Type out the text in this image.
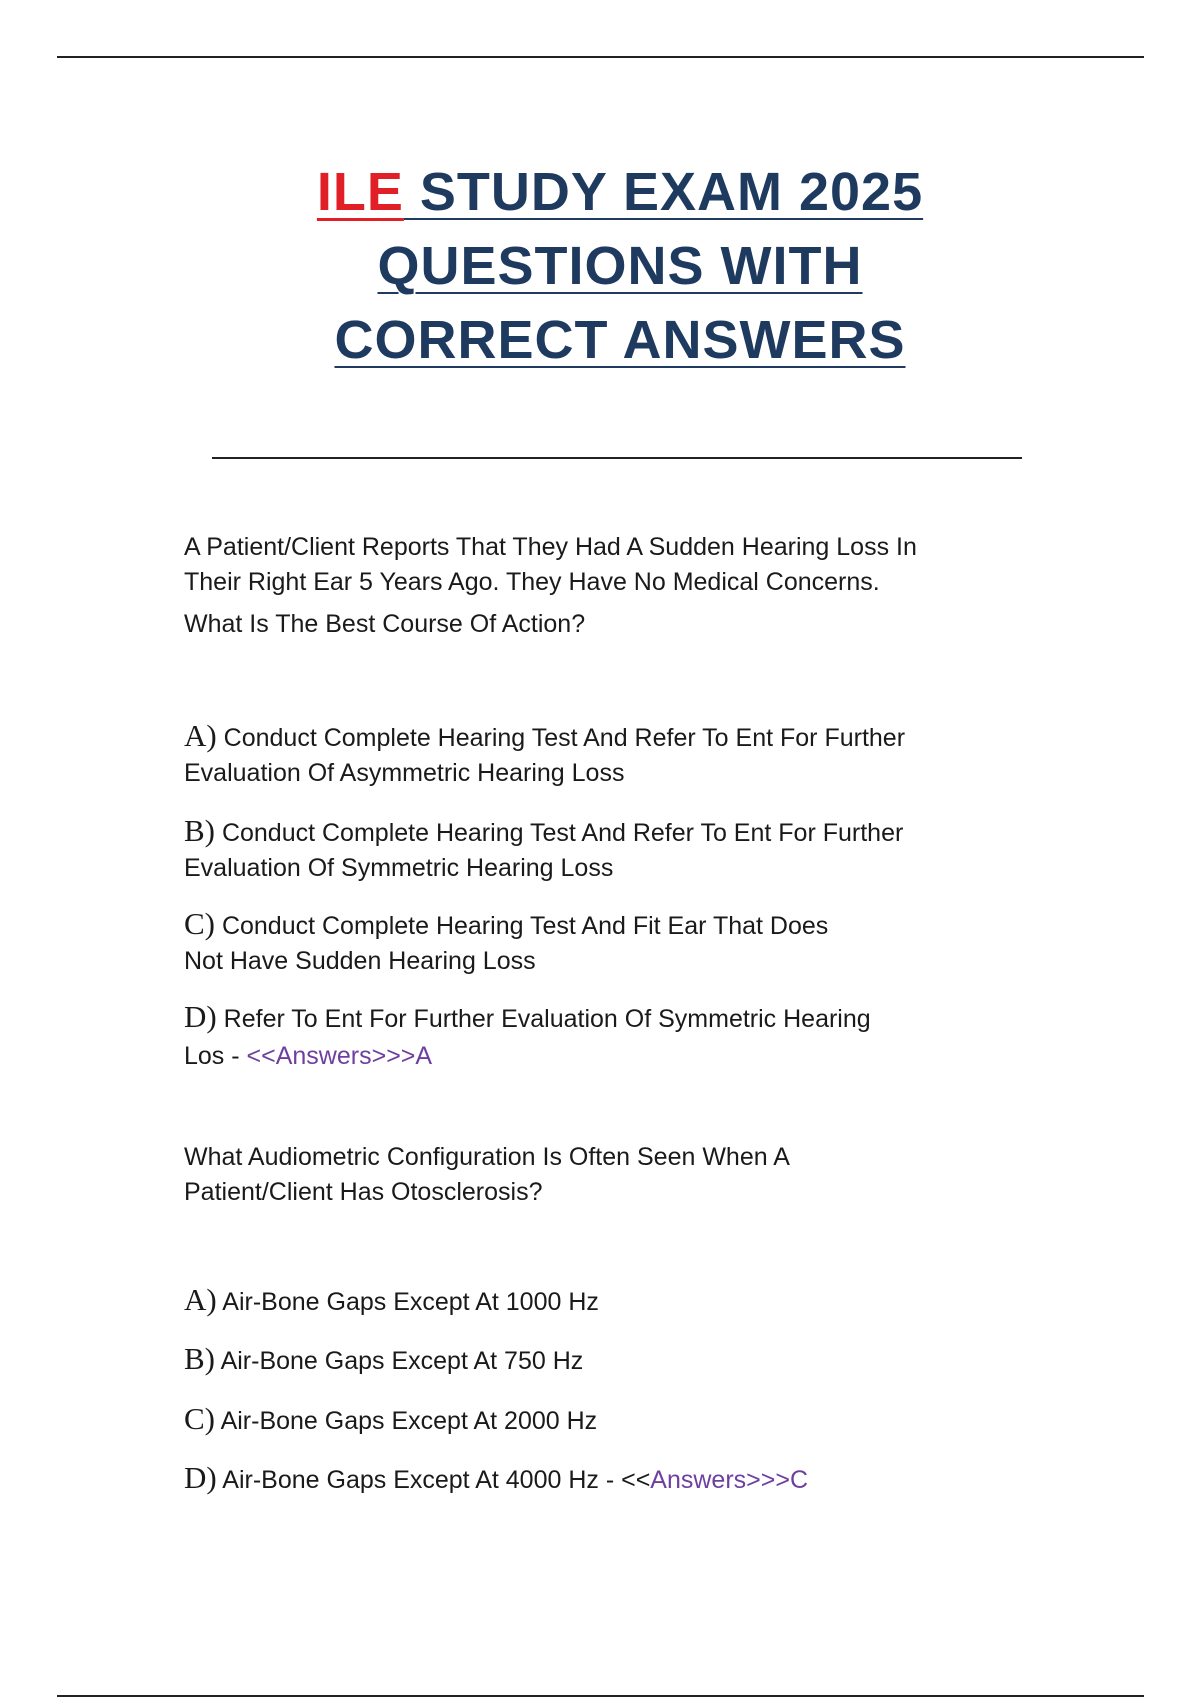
ILE STUDY EXAM 2025
QUESTIONS WITH
CORRECT ANSWERS
A Patient/Client Reports That They Had A Sudden Hearing Loss In
Their Right Ear 5 Years Ago. They Have No Medical Concerns.
What Is The Best Course Of Action?
A) Conduct Complete Hearing Test And Refer To Ent For Further
Evaluation Of Asymmetric Hearing Loss
B) Conduct Complete Hearing Test And Refer To Ent For Further
Evaluation Of Symmetric Hearing Loss
C) Conduct Complete Hearing Test And Fit Ear That Does
Not Have Sudden Hearing Loss
D) Refer To Ent For Further Evaluation Of Symmetric Hearing
Los - <<Answers>>>A
What Audiometric Configuration Is Often Seen When A
Patient/Client Has Otosclerosis?
A) Air-Bone Gaps Except At 1000 Hz
B) Air-Bone Gaps Except At 750 Hz
C) Air-Bone Gaps Except At 2000 Hz
D) Air-Bone Gaps Except At 4000 Hz - <<Answers>>>C
